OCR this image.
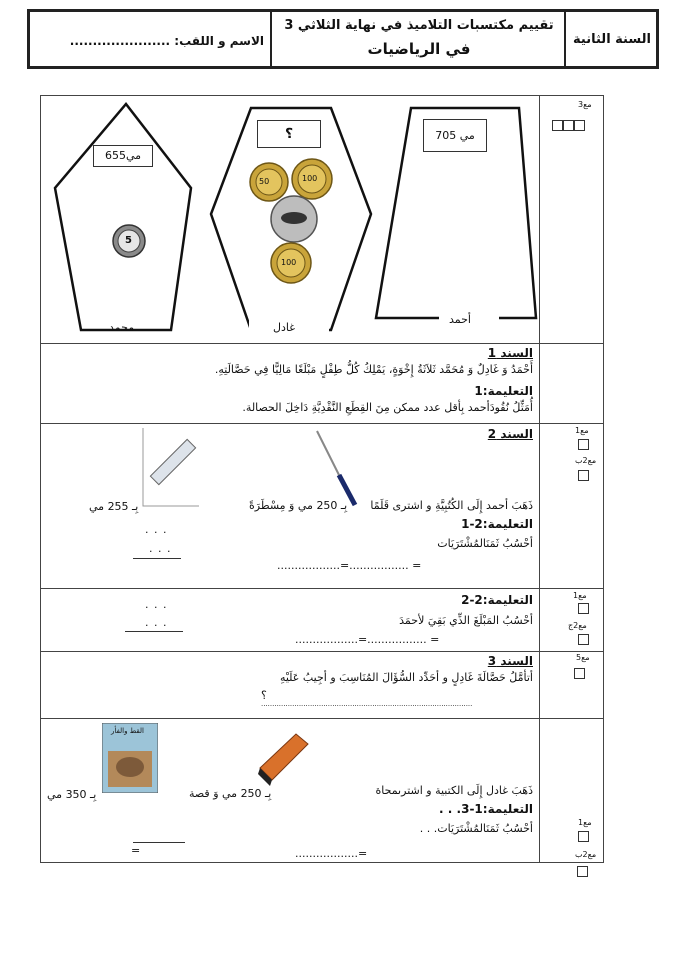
السنة الثانية
تقييم مكتسبات التلاميذ في نهاية الثلاثي 3
في الرياضيات
الاسم و اللقب: ......................
50	100
100
5
655مي
؟	705 مي
محمد	غادل
أحمد
مع3
السند 1
أَحْمَدُ وَ غَادِلٌ وَ مُحَمَّد ثَلاَثَةُ إِخْوَةٍ، يَمْلِكُ كُلُّ طِفْلٍ مَبْلَغًا مَالِيًّا فِي حَصَّالَتِهِ.
التعليمة:1
أُمَثِّلُ نُقُودَأحمد بِأقل عدد ممكن مِنَ القِطَعِ النَّقْدِيَّةِ دَاخِلَ الحصالة.
السند 2
بِـ 255 مي	بِـ 250 مي وَ مِسْطَرَةً ذَهَبَ أحمد إِلَى الكُتُبِيَّةِ و اشترى قَلَمًا
التعليمة:2-1
. . .
أحْسُبُ ثَمَنَالمُشْتَرَيَات
. . .
..................=................. =
مع1
مع2ب
التعليمة:2-2
. . .
أحْسُبُ المَبْلَغَ الذِّي بَقِيَ لأحمَدَ
. . .
..................=................. =
مع1
مع2ج
السند 3
أتأمَّلُ حَصَّالَةَ غَادِلٍ و أحَدِّد السُّؤَالَ المُنَاسِبَ و أجِيبُ عَلَيْهِ
؟
...............................................................................................
مع5
القط والفأر
بِـ 350 مي	بِـ 250 مي وَ قصة	ذَهَبَ غادل إِلَى الكتبية و اشترىمحاة
التعليمة:1-3. . .
أحْسُبُ ثَمَنَالمُشْتَرَيَات. . .
=	..................=
مع1
مع2ب
